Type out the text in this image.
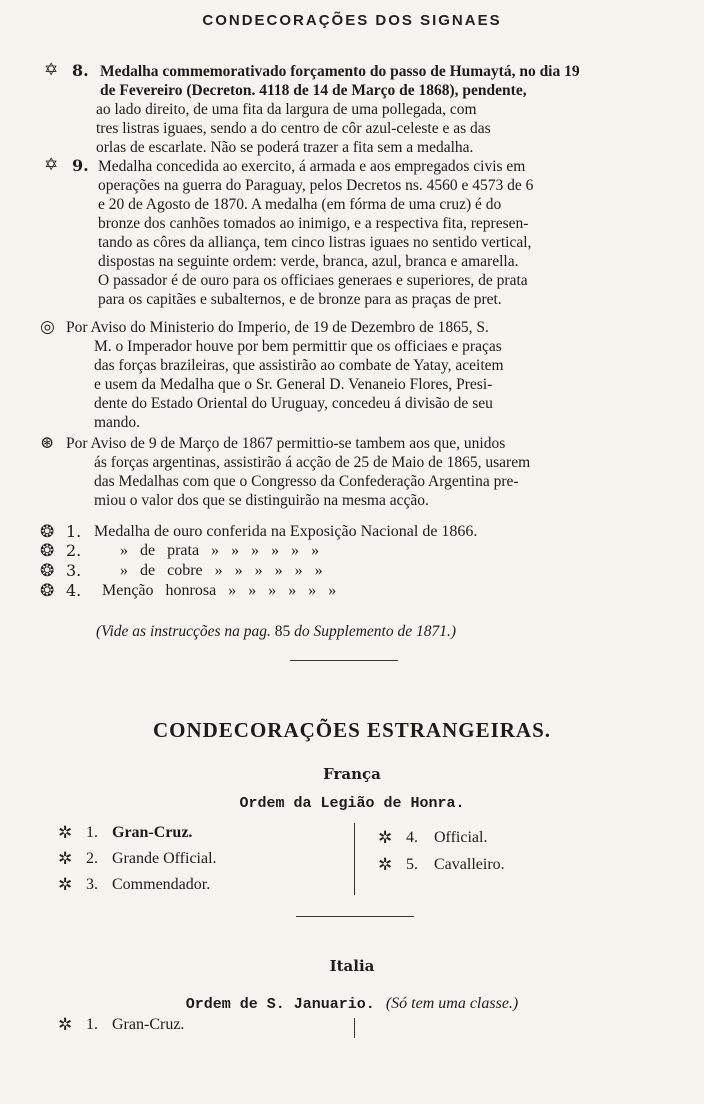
CONDECORAÇÕES DOS SIGNAES
✡ 8. Medalha commemorativado forçamento do passo de Humaytá, no dia 19
de Fevereiro (Decreton. 4118 de 14 de Março de 1868), pendente,
ao lado direito, de uma fita da largura de uma pollegada, com
tres listras iguaes, sendo a do centro de côr azul-celeste e as das
orlas de escarlate. Não se poderá trazer a fita sem a medalha.
✡ 9. Medalha concedida ao exercito, á armada e aos empregados civis em
operações na guerra do Paraguay, pelos Decretos ns. 4560 e 4573 de 6
e 20 de Agosto de 1870. A medalha (em fórma de uma cruz) é do
bronze dos canhões tomados ao inimigo, e a respectiva fita, represen-
tando as côres da alliança, tem cinco listras iguaes no sentido vertical,
dispostas na seguinte ordem: verde, branca, azul, branca e amarella.
O passador é de ouro para os officiaes generaes e superiores, de prata
para os capitães e subalternos, e de bronze para as praças de pret.
◎ Por Aviso do Ministerio do Imperio, de 19 de Dezembro de 1865, S.
M. o Imperador houve por bem permittir que os officiaes e praças
das forças brazileiras, que assistirão ao combate de Yatay, aceitem
e usem da Medalha que o Sr. General D. Venaneio Flores, Presi-
dente do Estado Oriental do Uruguay, concedeu á divisão de seu
mando.
⊛ Por Aviso de 9 de Março de 1867 permittio-se tambem aos que, unidos
ás forças argentinas, assistirão á acção de 25 de Maio de 1865, usarem
das Medalhas com que o Congresso da Confederação Argentina pre-
miou o valor dos que se distinguirão na mesma acção.
❂ 1. Medalha de ouro conferida na Exposição Nacional de 1866.
❂ 2. » de prata » » » » » »
❂ 3. » de cobre » » » » » »
❂ 4. Menção honrosa » » » » » »
(Vide as instrucções na pag. 85 do Supplemento de 1871.)
CONDECORAÇÕES ESTRANGEIRAS.
França
Ordem da Legião de Honra.
✲ 1. Gran-Cruz.
✲ 2. Grande Official.
✲ 3. Commendador.
✲ 4. Official.
✲ 5. Cavalleiro.
Italia
Ordem de S. Januario. (Só tem uma classe.)
✲ 1. Gran-Cruz.
